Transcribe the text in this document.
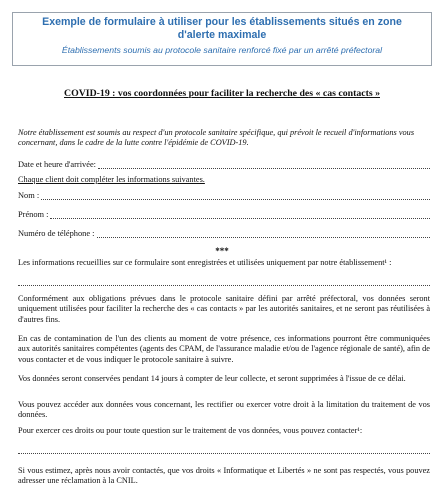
Exemple de formulaire à utiliser pour les établissements situés en zone d'alerte maximale
Établissements soumis au protocole sanitaire renforcé fixé par un arrêté préfectoral
COVID-19 : vos coordonnées pour faciliter la recherche des « cas contacts »
Notre établissement est soumis au respect d'un protocole sanitaire spécifique, qui prévoit le recueil d'informations vous concernant, dans le cadre de la lutte contre l'épidémie de COVID-19.
Date et heure d'arrivée:
Chaque client doit compléter les informations suivantes.
Nom :
Prénom :
Numéro de téléphone :
***
Les informations recueillies sur ce formulaire sont enregistrées et utilisées uniquement par notre établissement¹ :
Conformément aux obligations prévues dans le protocole sanitaire défini par arrêté préfectoral, vos données seront uniquement utilisées pour faciliter la recherche des « cas contacts » par les autorités sanitaires, et ne seront pas réutilisées à d'autres fins.
En cas de contamination de l'un des clients au moment de votre présence, ces informations pourront être communiquées aux autorités sanitaires compétentes (agents des CPAM, de l'assurance maladie et/ou de l'agence régionale de santé), afin de vous contacter et de vous indiquer le protocole sanitaire à suivre.
Vos données seront conservées pendant 14 jours à compter de leur collecte, et seront supprimées à l'issue de ce délai.
Vous pouvez accéder aux données vous concernant, les rectifier ou exercer votre droit à la limitation du traitement de vos données.
Pour exercer ces droits ou pour toute question sur le traitement de vos données, vous pouvez contacter¹:
Si vous estimez, après nous avoir contactés, que vos droits « Informatique et Libertés » ne sont pas respectés, vous pouvez adresser une réclamation à la CNIL.
